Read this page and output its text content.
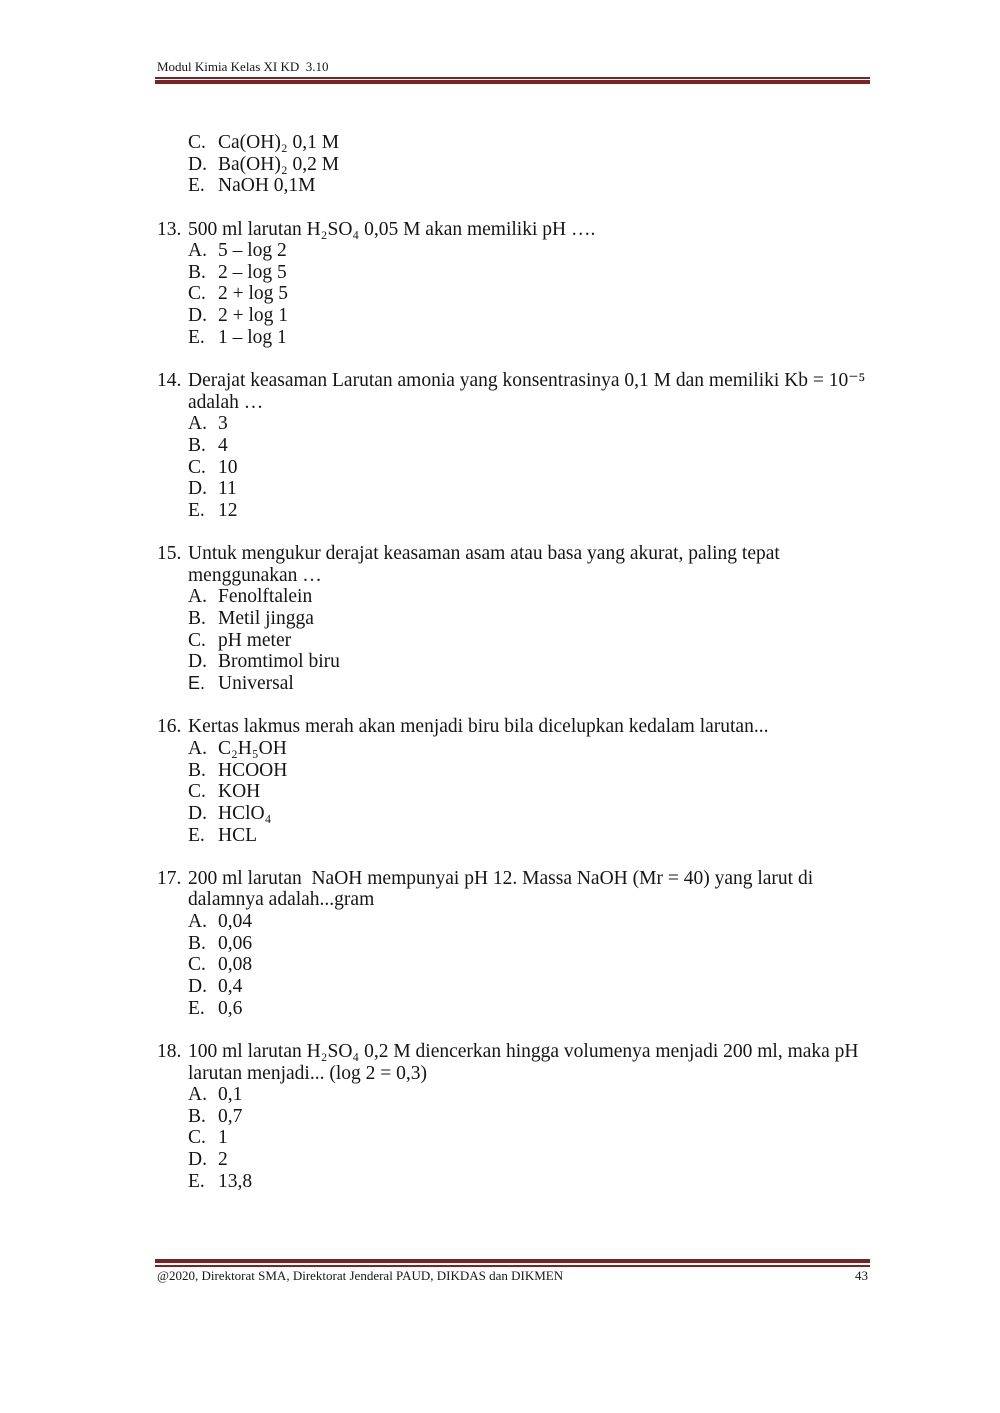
Modul Kimia Kelas XI KD  3.10
C. Ca(OH)₂ 0,1 M
D. Ba(OH)₂ 0,2 M
E. NaOH 0,1M
13. 500 ml larutan H₂SO₄ 0,05 M akan memiliki pH ….
A. 5 – log 2
B. 2 – log 5
C. 2 + log 5
D. 2 + log 1
E. 1 – log 1
14. Derajat keasaman Larutan amonia yang konsentrasinya 0,1 M dan memiliki Kb = 10⁻⁵
adalah …
A. 3
B. 4
C. 10
D. 11
E. 12
15. Untuk mengukur derajat keasaman asam atau basa yang akurat, paling tepat
menggunakan …
A. Fenolftalein
B. Metil jingga
C. pH meter
D. Bromtimol biru
E. Universal
16. Kertas lakmus merah akan menjadi biru bila dicelupkan kedalam larutan...
A. C₂H₅OH
B. HCOOH
C. KOH
D. HClO₄
E. HCL
17. 200 ml larutan  NaOH mempunyai pH 12. Massa NaOH (Mr = 40) yang larut di
dalamnya adalah...gram
A. 0,04
B. 0,06
C. 0,08
D. 0,4
E. 0,6
18. 100 ml larutan H₂SO₄ 0,2 M diencerkan hingga volumenya menjadi 200 ml, maka pH
larutan menjadi... (log 2 = 0,3)
A. 0,1
B. 0,7
C. 1
D. 2
E. 13,8
@2020, Direktorat SMA, Direktorat Jenderal PAUD, DIKDAS dan DIKMEN	43
